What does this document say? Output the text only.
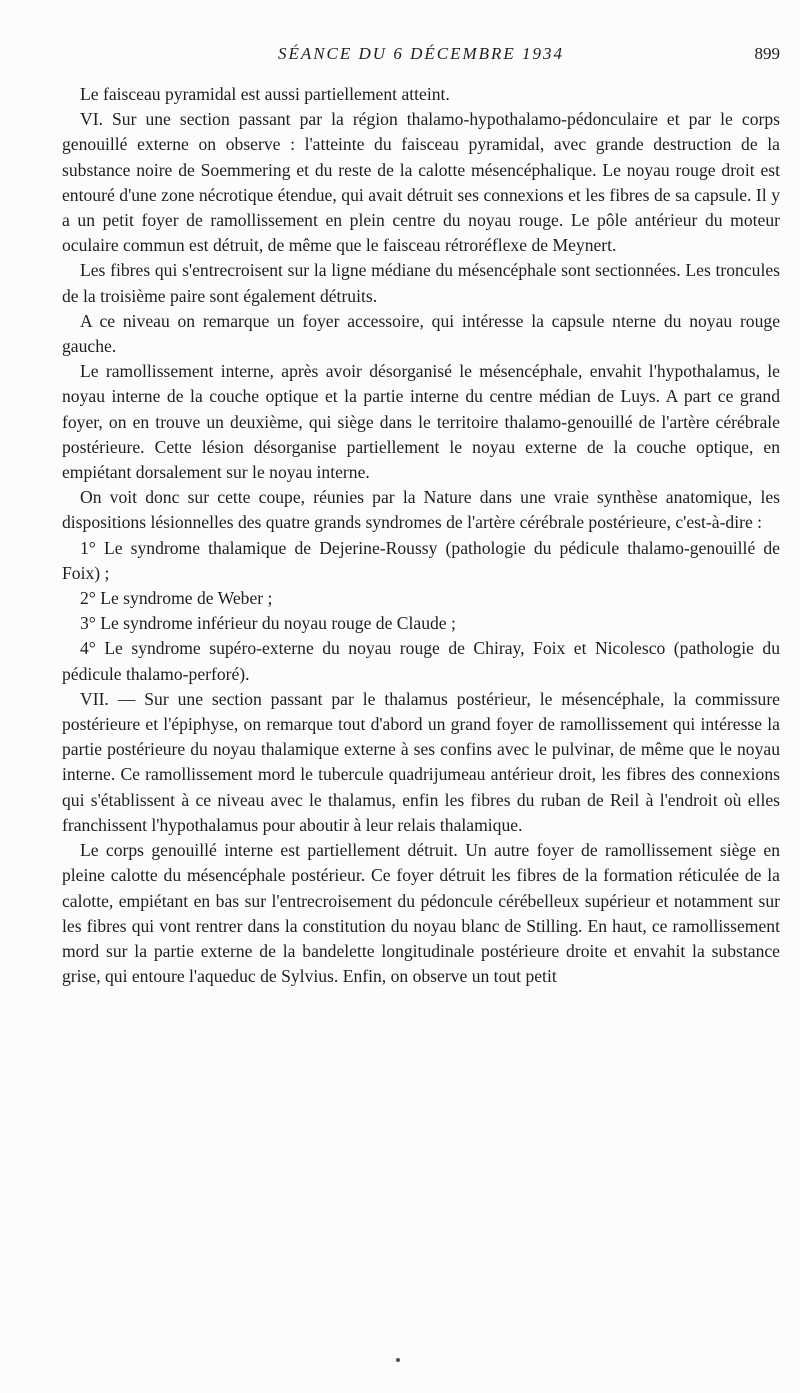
SÉANCE DU 6 DÉCEMBRE 1934	899

Le faisceau pyramidal est aussi partiellement atteint.

VI. Sur une section passant par la région thalamo-hypothalamo-pédonculaire et par le corps genouillé externe on observe : l'atteinte du faisceau pyramidal, avec grande destruction de la substance noire de Soemmering et du reste de la calotte mésencéphalique. Le noyau rouge droit est entouré d'une zone nécrotique étendue, qui avait détruit ses connexions et les fibres de sa capsule. Il y a un petit foyer de ramollissement en plein centre du noyau rouge. Le pôle antérieur du moteur oculaire commun est détruit, de même que le faisceau rétroréflexe de Meynert.

Les fibres qui s'entrecroisent sur la ligne médiane du mésencéphale sont sectionnées. Les troncules de la troisième paire sont également détruits.

A ce niveau on remarque un foyer accessoire, qui intéresse la capsule nterne du noyau rouge gauche.

Le ramollissement interne, après avoir désorganisé le mésencéphale, envahit l'hypothalamus, le noyau interne de la couche optique et la partie interne du centre médian de Luys. A part ce grand foyer, on en trouve un deuxième, qui siège dans le territoire thalamo-genouillé de l'artère cérébrale postérieure. Cette lésion désorganise partiellement le noyau externe de la couche optique, en empiétant dorsalement sur le noyau interne.

On voit donc sur cette coupe, réunies par la Nature dans une vraie synthèse anatomique, les dispositions lésionnelles des quatre grands syndromes de l'artère cérébrale postérieure, c'est-à-dire :

1° Le syndrome thalamique de Dejerine-Roussy (pathologie du pédicule thalamo-genouillé de Foix) ;

2° Le syndrome de Weber ;

3° Le syndrome inférieur du noyau rouge de Claude ;

4° Le syndrome supéro-externe du noyau rouge de Chiray, Foix et Nicolesco (pathologie du pédicule thalamo-perforé).

VII. — Sur une section passant par le thalamus postérieur, le mésencéphale, la commissure postérieure et l'épiphyse, on remarque tout d'abord un grand foyer de ramollissement qui intéresse la partie postérieure du noyau thalamique externe à ses confins avec le pulvinar, de même que le noyau interne. Ce ramollissement mord le tubercule quadrijumeau antérieur droit, les fibres des connexions qui s'établissent à ce niveau avec le thalamus, enfin les fibres du ruban de Reil à l'endroit où elles franchissent l'hypothalamus pour aboutir à leur relais thalamique.

Le corps genouillé interne est partiellement détruit. Un autre foyer de ramollissement siège en pleine calotte du mésencéphale postérieur. Ce foyer détruit les fibres de la formation réticulée de la calotte, empiétant en bas sur l'entrecroisement du pédoncule cérébelleux supérieur et notamment sur les fibres qui vont rentrer dans la constitution du noyau blanc de Stilling. En haut, ce ramollissement mord sur la partie externe de la bandelette longitudinale postérieure droite et envahit la substance grise, qui entoure l'aqueduc de Sylvius. Enfin, on observe un tout petit
